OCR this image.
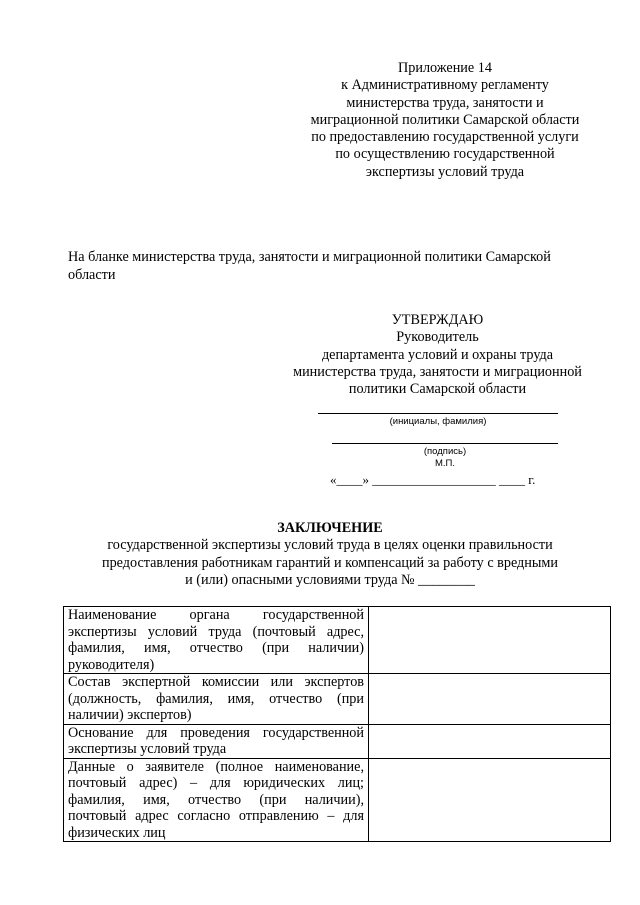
Приложение 14
к Административному регламенту
министерства труда, занятости и
миграционной политики Самарской области
по предоставлению государственной услуги
по осуществлению государственной
экспертизы условий труда
На бланке министерства труда, занятости и миграционной политики Самарской области
УТВЕРЖДАЮ
Руководитель
департамента условий и охраны труда
министерства труда, занятости и миграционной
политики Самарской области
(инициалы, фамилия)
(подпись)
М.П.
«____» ___________________ ____ г.
ЗАКЛЮЧЕНИЕ
государственной экспертизы условий труда в целях оценки правильности
предоставления работникам гарантий и компенсаций за работу с вредными
и (или) опасными условиями труда № ________
Наименование органа государственной экспертизы условий труда (почтовый адрес, фамилия, имя, отчество (при наличии) руководителя)	
Состав экспертной комиссии или экспертов (должность, фамилия, имя, отчество (при наличии) экспертов)	
Основание для проведения государственной экспертизы условий труда	
Данные о заявителе (полное наименование, почтовый адрес) – для юридических лиц; фамилия, имя, отчество (при наличии), почтовый адрес согласно отправлению – для физических лиц	
